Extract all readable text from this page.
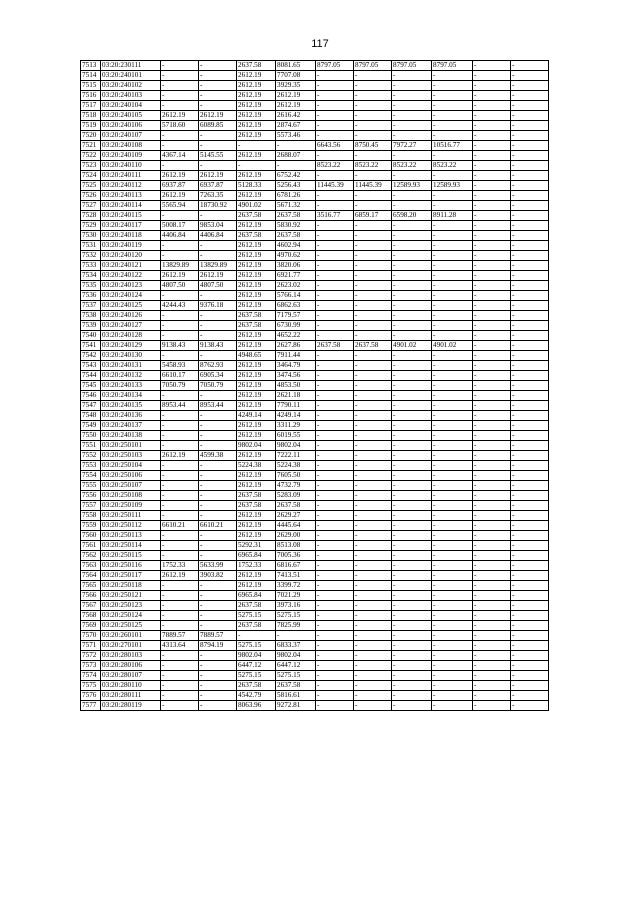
117
7513	03:20:230111	-	-	2637.58	8081.65	8797.05	8797.05	8797.05	8797.05	-	-
7514	03:20:240101	-	-	2612.19	7707.08	-	-	-	-	-	-
7515	03:20:240102	-	-	2612.19	3929.35	-	-	-	-	-	-
7516	03:20:240103	-	-	2612.19	2612.19	-	-	-	-	-	-
7517	03:20:240104	-	-	2612.19	2612.19	-	-	-	-	-	-
7518	03:20:240105	2612.19	2612.19	2612.19	2616.42	-	-	-	-	-	-
7519	03:20:240106	5718.60	6089.85	2612.19	2874.67	-	-	-	-	-	-
7520	03:20:240107	-	-	2612.19	5573.46	-	-	-	-	-	-
7521	03:20:240108	-	-	-	-	6643.56	8750.45	7972.27	10516.77	-	-
7522	03:20:240109	4367.14	5145.55	2612.19	2688.07	-	-	-	-	-	-
7523	03:20:240110	-	-	-	-	8523.22	8523.22	8523.22	8523.22	-	-
7524	03:20:240111	2612.19	2612.19	2612.19	6752.42	-	-	-	-	-	-
7525	03:20:240112	6937.87	6937.87	5128.33	5256.43	11445.39	11445.39	12589.93	12589.93	-	-
7526	03:20:240113	2612.19	7263.35	2612.19	6781.26	-	-	-	-	-	-
7527	03:20:240114	5565.94	18730.92	4901.02	5671.32	-	-	-	-	-	-
7528	03:20:240115	-	-	2637.58	2637.58	3516.77	6859.17	6598.20	8911.28	-	-
7529	03:20:240117	5008.17	9853.04	2612.19	5830.92	-	-	-	-	-	-
7530	03:20:240118	4406.84	4406.84	2637.58	2637.58	-	-	-	-	-	-
7531	03:20:240119	-	-	2612.19	4602.94	-	-	-	-	-	-
7532	03:20:240120	-	-	2612.19	4970.62	-	-	-	-	-	-
7533	03:20:240121	13829.89	13829.89	2612.19	3820.06	-	-	-	-	-	-
7534	03:20:240122	2612.19	2612.19	2612.19	6921.77	-	-	-	-	-	-
7535	03:20:240123	4807.50	4807.50	2612.19	2623.02	-	-	-	-	-	-
7536	03:20:240124	-	-	2612.19	5766.14	-	-	-	-	-	-
7537	03:20:240125	4244.43	9376.18	2612.19	6862.63	-	-	-	-	-	-
7538	03:20:240126	-	-	2637.58	7179.57	-	-	-	-	-	-
7539	03:20:240127	-	-	2637.58	6730.99	-	-	-	-	-	-
7540	03:20:240128	-	-	2612.19	4652.22	-	-	-	-	-	-
7541	03:20:240129	9138.43	9138.43	2612.19	2627.86	2637.58	2637.58	4901.02	4901.02	-	-
7542	03:20:240130	-	-	4948.65	7911.44	-	-	-	-	-	-
7543	03:20:240131	5458.93	8762.93	2612.19	3464.79	-	-	-	-	-	-
7544	03:20:240132	6610.17	6905.34	2612.19	3474.56	-	-	-	-	-	-
7545	03:20:240133	7050.79	7050.79	2612.19	4853.50	-	-	-	-	-	-
7546	03:20:240134	-	-	2612.19	2621.18	-	-	-	-	-	-
7547	03:20:240135	8953.44	8953.44	2612.19	7790.11	-	-	-	-	-	-
7548	03:20:240136	-	-	4249.14	4249.14	-	-	-	-	-	-
7549	03:20:240137	-	-	2612.19	3311.29	-	-	-	-	-	-
7550	03:20:240138	-	-	2612.19	6019.55	-	-	-	-	-	-
7551	03:20:250101	-	-	9802.04	9802.04	-	-	-	-	-	-
7552	03:20:250103	2612.19	4599.38	2612.19	7222.11	-	-	-	-	-	-
7553	03:20:250104	-	-	5224.38	5224.38	-	-	-	-	-	-
7554	03:20:250106	-	-	2612.19	7605.50	-	-	-	-	-	-
7555	03:20:250107	-	-	2612.19	4732.79	-	-	-	-	-	-
7556	03:20:250108	-	-	2637.58	5283.09	-	-	-	-	-	-
7557	03:20:250109	-	-	2637.58	2637.58	-	-	-	-	-	-
7558	03:20:250111	-	-	2612.19	2629.27	-	-	-	-	-	-
7559	03:20:250112	6610.21	6610.21	2612.19	4445.64	-	-	-	-	-	-
7560	03:20:250113	-	-	2612.19	2629.00	-	-	-	-	-	-
7561	03:20:250114	-	-	5292.31	8513.08	-	-	-	-	-	-
7562	03:20:250115	-	-	6965.84	7005.36	-	-	-	-	-	-
7563	03:20:250116	1752.33	5633.99	1752.33	6816.67	-	-	-	-	-	-
7564	03:20:250117	2612.19	3903.82	2612.19	7413.51	-	-	-	-	-	-
7565	03:20:250118	-	-	2612.19	3399.72	-	-	-	-	-	-
7566	03:20:250121	-	-	6965.84	7021.29	-	-	-	-	-	-
7567	03:20:250123	-	-	2637.58	3973.16	-	-	-	-	-	-
7568	03:20:250124	-	-	5275.15	5275.15	-	-	-	-	-	-
7569	03:20:250125	-	-	2637.58	7825.99	-	-	-	-	-	-
7570	03:20:260101	7889.57	7889.57	-	-	-	-	-	-	-	-
7571	03:20:270101	4313.64	8794.19	5275.15	6833.37	-	-	-	-	-	-
7572	03:20:280103	-	-	9802.04	9802.04	-	-	-	-	-	-
7573	03:20:280106	-	-	6447.12	6447.12	-	-	-	-	-	-
7574	03:20:280107	-	-	5275.15	5275.15	-	-	-	-	-	-
7575	03:20:280110	-	-	2637.58	2637.58	-	-	-	-	-	-
7576	03:20:280111	-	-	4542.79	5816.61	-	-	-	-	-	-
7577	03:20:280119	-	-	8063.96	9272.81	-	-	-	-	-	-
